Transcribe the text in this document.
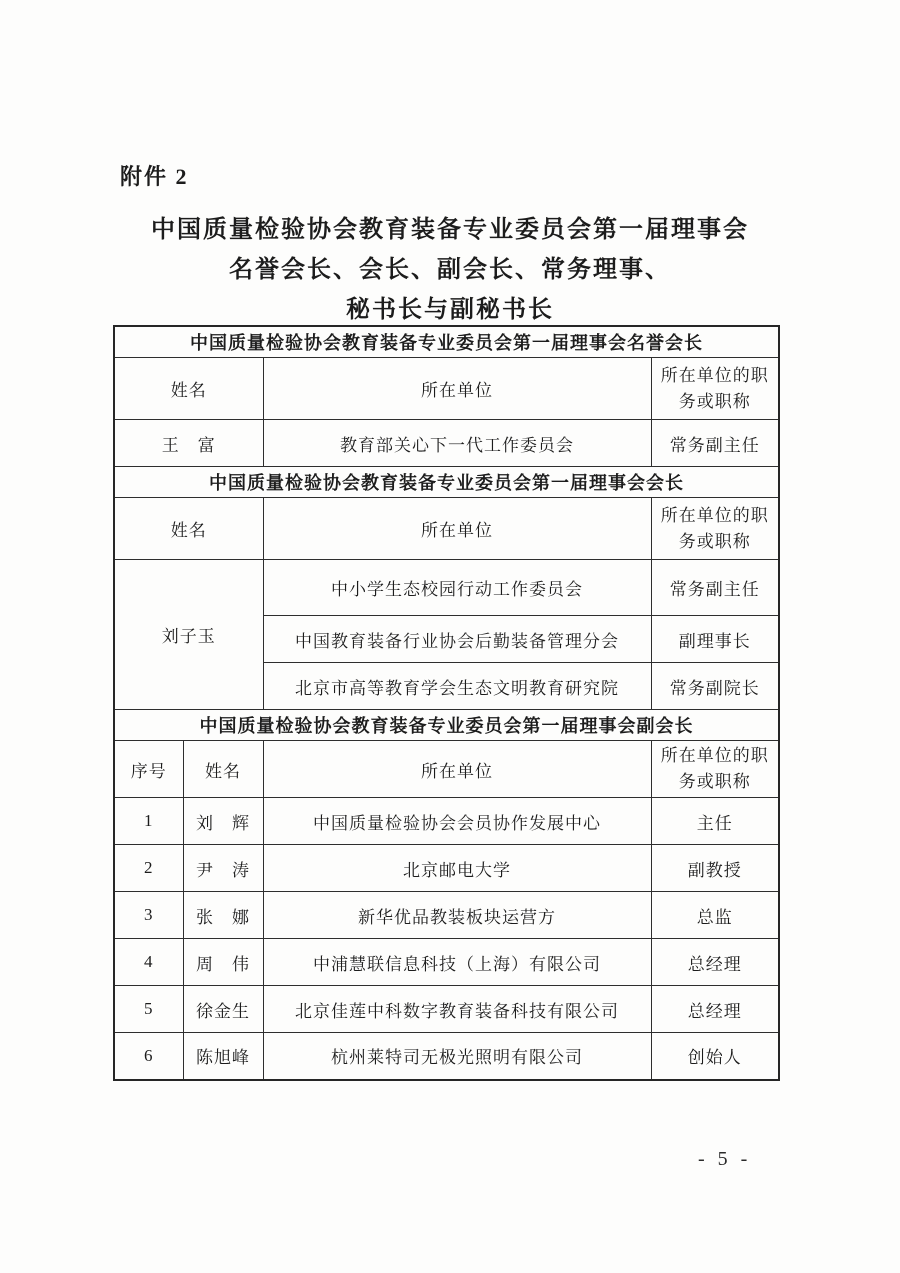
附件 2
中国质量检验协会教育装备专业委员会第一届理事会
名誉会长、会长、副会长、常务理事、
秘书长与副秘书长
中国质量检验协会教育装备专业委员会第一届理事会名誉会长			
姓名		所在单位	所在单位的职务或职称
王　富		教育部关心下一代工作委员会	常务副主任
中国质量检验协会教育装备专业委员会第一届理事会会长			
姓名		所在单位	所在单位的职务或职称
刘子玉		中小学生态校园行动工作委员会	常务副主任
		中国教育装备行业协会后勤装备管理分会	副理事长
		北京市高等教育学会生态文明教育研究院	常务副院长
中国质量检验协会教育装备专业委员会第一届理事会副会长			
序号	姓名	所在单位	所在单位的职务或职称
1	刘　辉	中国质量检验协会会员协作发展中心	主任
2	尹　涛	北京邮电大学	副教授
3	张　娜	新华优品教装板块运营方	总监
4	周　伟	中浦慧联信息科技（上海）有限公司	总经理
5	徐金生	北京佳莲中科数字教育装备科技有限公司	总经理
6	陈旭峰	杭州莱特司无极光照明有限公司	创始人
- 5 -
